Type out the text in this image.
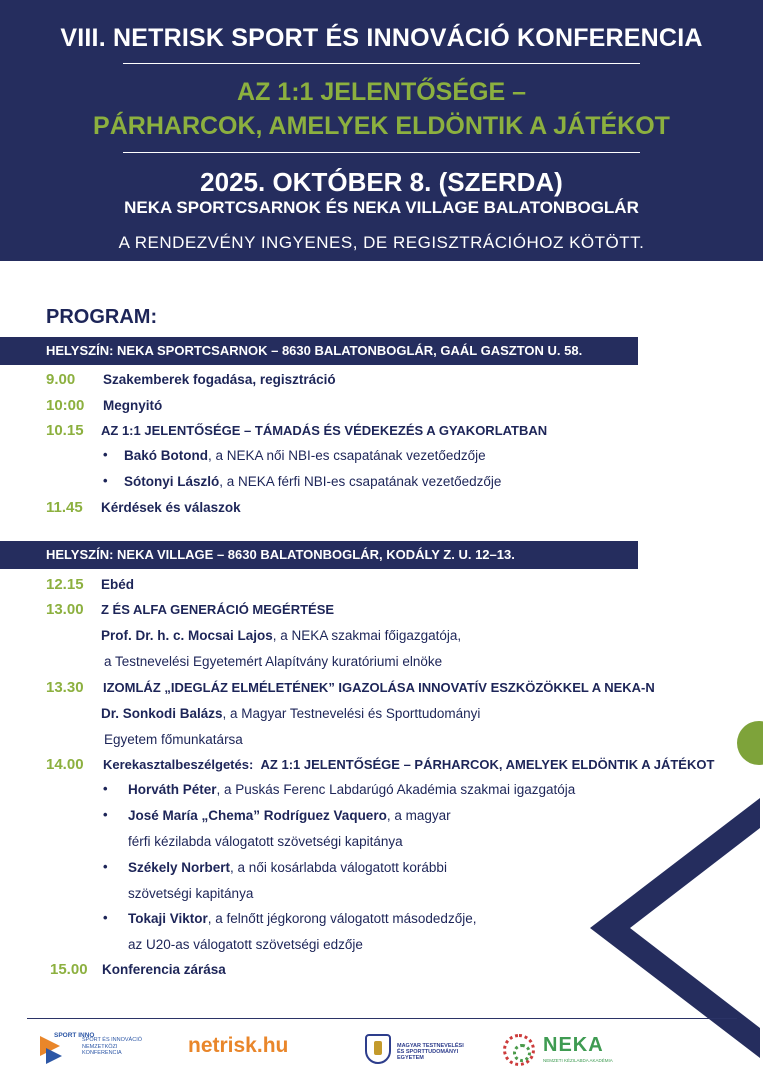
VIII. NETRISK SPORT ÉS INNOVÁCIÓ KONFERENCIA
AZ 1:1 JELENTŐSÉGE –
PÁRHARCOK, AMELYEK ELDÖNTIK A JÁTÉKOT
2025. OKTÓBER 8. (SZERDA)
NEKA SPORTCSARNOK ÉS NEKA VILLAGE BALATONBOGLÁR
A RENDEZVÉNY INGYENES, DE REGISZTRÁCIÓHOZ KÖTÖTT.
PROGRAM:
HELYSZÍN: NEKA SPORTCSARNOK – 8630 BALATONBOGLÁR, GAÁL GASZTON U. 58.
9.00 Szakemberek fogadása, regisztráció
10:00 Megnyitó
10.15 AZ 1:1 JELENTŐSÉGE – TÁMADÁS ÉS VÉDEKEZÉS A GYAKORLATBAN
• Bakó Botond, a NEKA női NBI-es csapatának vezetőedzője
• Sótonyi László, a NEKA férfi NBI-es csapatának vezetőedzője
11.45 Kérdések és válaszok
HELYSZÍN: NEKA VILLAGE – 8630 BALATONBOGLÁR, KODÁLY Z. U. 12–13.
12.15 Ebéd
13.00 Z ÉS ALFA GENERÁCIÓ MEGÉRTÉSE
Prof. Dr. h. c. Mocsai Lajos, a NEKA szakmai főigazgatója,
a Testnevelési Egyetemért Alapítvány kuratóriumi elnöke
13.30 IZOMLÁZ „IDEGLÁZ ELMÉLETÉNEK” IGAZOLÁSA INNOVATÍV ESZKÖZÖKKEL A NEKA-N
Dr. Sonkodi Balázs, a Magyar Testnevelési és Sporttudományi
Egyetem főmunkatársa
14.00 Kerekasztalbeszélgetés: AZ 1:1 JELENTŐSÉGE – PÁRHARCOK, AMELYEK ELDÖNTIK A JÁTÉKOT
• Horváth Péter, a Puskás Ferenc Labdarúgó Akadémia szakmai igazgatója
• José María „Chema” Rodríguez Vaquero, a magyar
férfi kézilabda válogatott szövetségi kapitánya
• Székely Norbert, a női kosárlabda válogatott korábbi
szövetségi kapitánya
• Tokaji Viktor, a felnőtt jégkorong válogatott másodedzője,
az U20-as válogatott szövetségi edzője
15.00 Konferencia zárása
SPORT INNO
SPORT ÉS INNOVÁCIÓ
NEMZETKÖZI
KONFERENCIA	netrisk.hu	MAGYAR TESTNEVELÉSI
ÉS SPORTTUDOMÁNYI
EGYETEM
NEKA
NEMZETI KÉZILABDA AKADÉMIA
